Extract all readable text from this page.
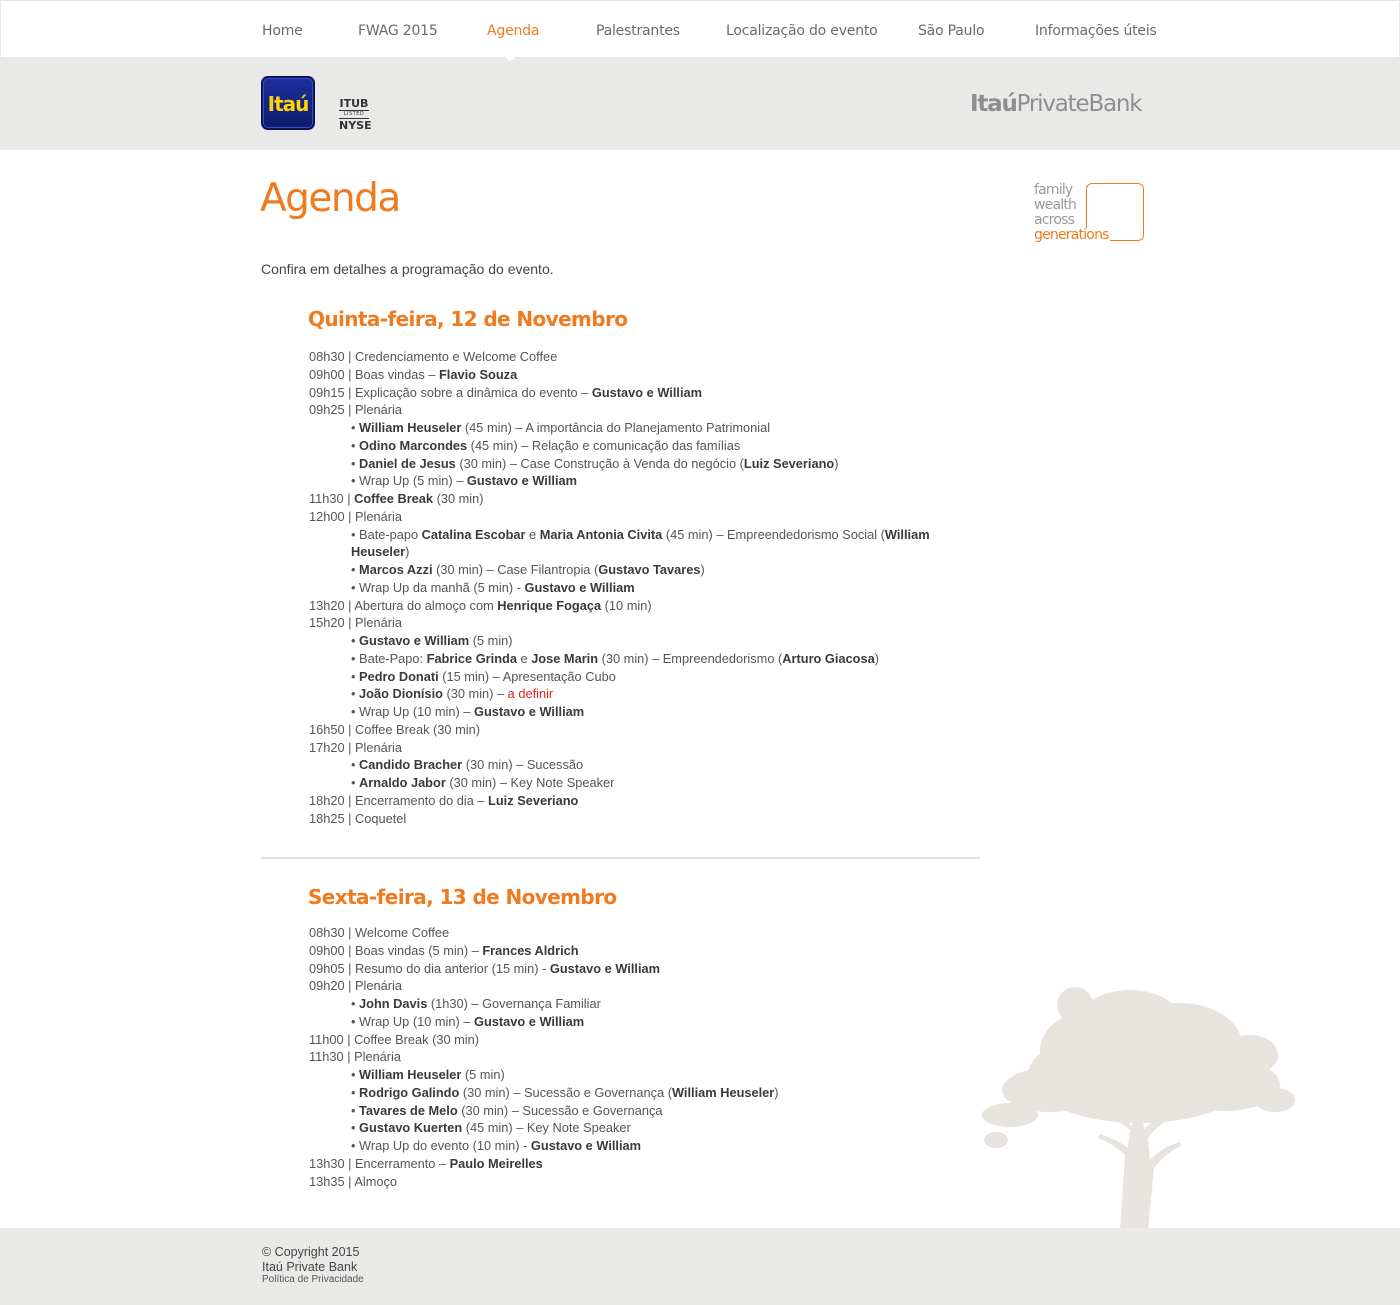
Home	FWAG 2015	Agenda	Palestrantes	Localização do evento	São Paulo	Informações úteis
Itaú	ITUB
LISTED
NYSE
ItaúPrivateBank
Agenda	family
wealth
across
generations

Confira em detalhes a programação do evento.

Quinta-feira, 12 de Novembro
08h30 | Credenciamento e Welcome Coffee
09h00 | Boas vindas – Flavio Souza
09h15 | Explicação sobre a dinâmica do evento – Gustavo e William
09h25 | Plenária
• William Heuseler (45 min) – A importância do Planejamento Patrimonial
• Odino Marcondes (45 min) – Relação e comunicação das famílias
• Daniel de Jesus (30 min) – Case Construção à Venda do negócio (Luiz Severiano)
• Wrap Up (5 min) – Gustavo e William
11h30 | Coffee Break (30 min)
12h00 | Plenária
• Bate-papo Catalina Escobar e Maria Antonia Civita (45 min) – Empreendedorismo Social (William Heuseler)
• Marcos Azzi (30 min) – Case Filantropia (Gustavo Tavares)
• Wrap Up da manhã (5 min) - Gustavo e William
13h20 | Abertura do almoço com Henrique Fogaça (10 min)
15h20 | Plenária
• Gustavo e William (5 min)
• Bate-Papo: Fabrice Grinda e Jose Marin (30 min) – Empreendedorismo (Arturo Giacosa)
• Pedro Donati (15 min) – Apresentação Cubo
• João Dionísio (30 min) – a definir
• Wrap Up (10 min) – Gustavo e William
16h50 | Coffee Break (30 min)
17h20 | Plenária
• Candido Bracher (30 min) – Sucessão
• Arnaldo Jabor (30 min) – Key Note Speaker
18h20 | Encerramento do dia – Luiz Severiano
18h25 | Coquetel
Sexta-feira, 13 de Novembro
08h30 | Welcome Coffee
09h00 | Boas vindas (5 min) – Frances Aldrich
09h05 | Resumo do dia anterior (15 min) - Gustavo e William
09h20 | Plenária
• John Davis (1h30) – Governança Familiar
• Wrap Up (10 min) – Gustavo e William
11h00 | Coffee Break (30 min)
11h30 | Plenária
• William Heuseler (5 min)
• Rodrigo Galindo (30 min) – Sucessão e Governança (William Heuseler)
• Tavares de Melo (30 min) – Sucessão e Governança
• Gustavo Kuerten (45 min) – Key Note Speaker
• Wrap Up do evento (10 min) - Gustavo e William
13h30 | Encerramento – Paulo Meirelles
13h35 | Almoço
© Copyright 2015
Itaú Private Bank
Política de Privacidade
